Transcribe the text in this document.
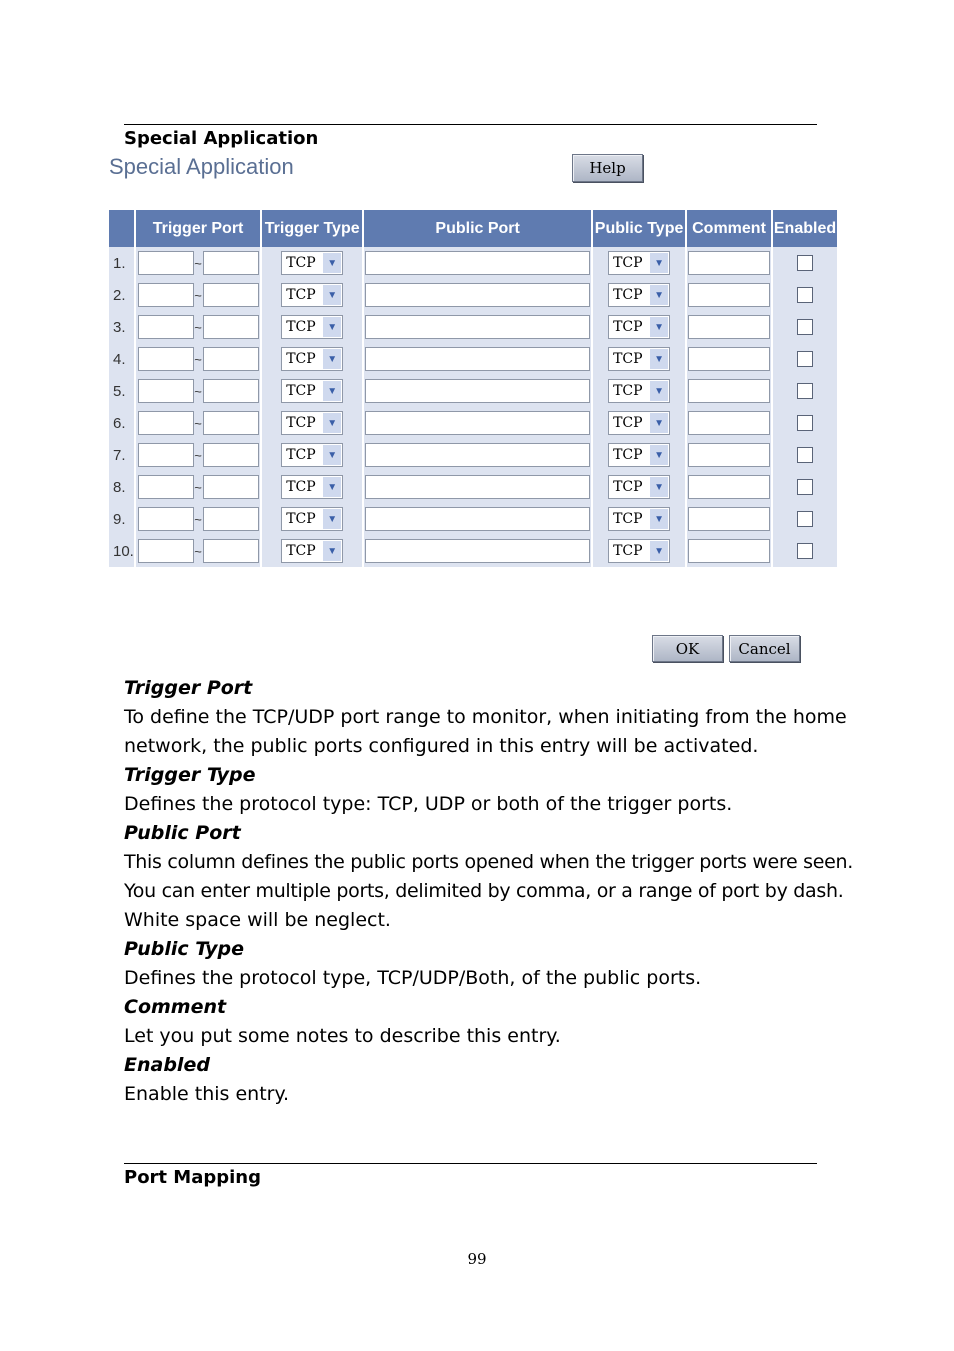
Special Application
Special Application	Help
	Trigger Port	Trigger Type	Public Port	Public Type	Comment	Enabled
1.	~	TCP ▼		TCP ▼

2.	~	TCP ▼		TCP ▼

3.	~	TCP ▼		TCP ▼

4.	~	TCP ▼		TCP ▼

5.	~	TCP ▼		TCP ▼

6.	~	TCP ▼		TCP ▼

7.	~	TCP ▼		TCP ▼

8.	~	TCP ▼		TCP ▼

9.	~	TCP ▼		TCP ▼

10.	~	TCP ▼		TCP ▼

OK	Cancel
Trigger Port
To define the TCP/UDP port range to monitor, when initiating from the home
network, the public ports configured in this entry will be activated.
Trigger Type
Defines the protocol type: TCP, UDP or both of the trigger ports.
Public Port
This column defines the public ports opened when the trigger ports were seen.
You can enter multiple ports, delimited by comma, or a range of port by dash.
White space will be neglect.
Public Type
Defines the protocol type, TCP/UDP/Both, of the public ports.
Comment
Let you put some notes to describe this entry.
Enabled
Enable this entry.
Port Mapping
99
